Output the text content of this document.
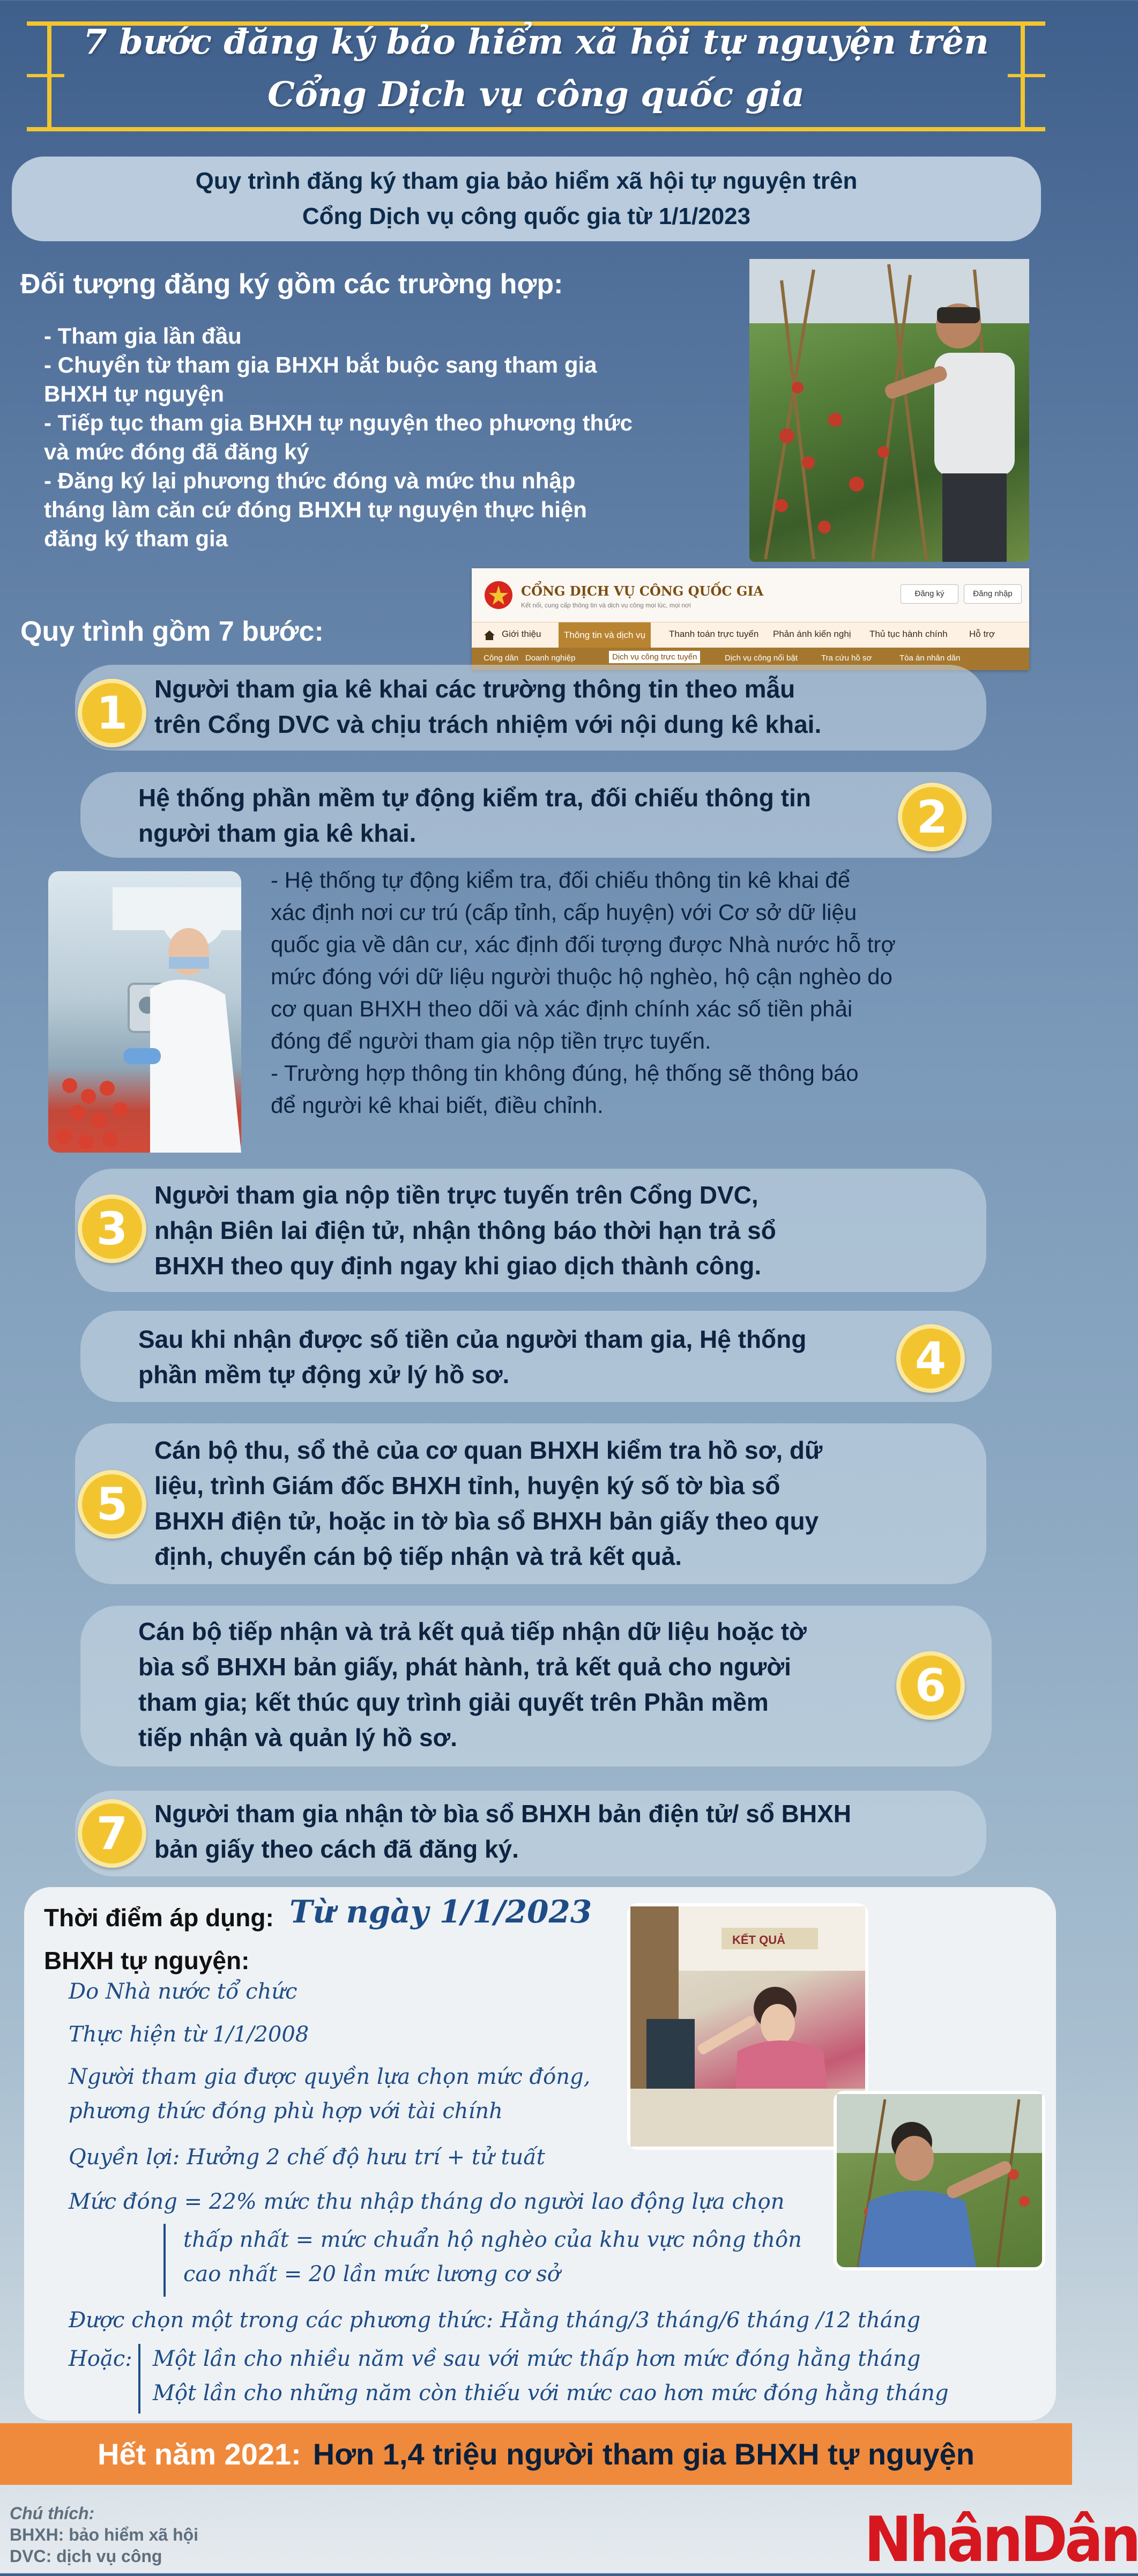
7 bước đăng ký bảo hiểm xã hội tự nguyện trên
Cổng Dịch vụ công quốc gia
Quy trình đăng ký tham gia bảo hiểm xã hội tự nguyện trên
Cổng Dịch vụ công quốc gia từ 1/1/2023
Đối tượng đăng ký gồm các trường hợp:
- Tham gia lần đầu
- Chuyển từ tham gia BHXH bắt buộc sang tham gia
BHXH tự nguyện
- Tiếp tục tham gia BHXH tự nguyện theo phương thức
và mức đóng đã đăng ký
- Đăng ký lại phương thức đóng và mức thu nhập
tháng làm căn cứ đóng BHXH tự nguyện thực hiện
đăng ký tham gia
CỔNG DỊCH VỤ CÔNG QUỐC GIA
Kết nối, cung cấp thông tin và dịch vụ công mọi lúc, mọi nơi
Đăng ký	Đăng nhập
Giới thiệu	Thông tin và dịch vụ	Thanh toán trực tuyến Phản ánh kiến nghị Thủ tục hành chính Hỗ trợ
Công dân Doanh nghiệp	Dịch vụ công trực tuyến	Dịch vụ công nổi bật	Tra cứu hồ sơ	Tòa án nhân dân
Quy trình gồm 7 bước:
1	Người tham gia kê khai các trường thông tin theo mẫu
trên Cổng DVC và chịu trách nhiệm với nội dung kê khai.
2
Hệ thống phần mềm tự động kiểm tra, đối chiếu thông tin
người tham gia kê khai.
- Hệ thống tự động kiểm tra, đối chiếu thông tin kê khai để
xác định nơi cư trú (cấp tỉnh, cấp huyện) với Cơ sở dữ liệu
quốc gia về dân cư, xác định đối tượng được Nhà nước hỗ trợ
mức đóng với dữ liệu người thuộc hộ nghèo, hộ cận nghèo do
cơ quan BHXH theo dõi và xác định chính xác số tiền phải
đóng để người tham gia nộp tiền trực tuyến.
- Trường hợp thông tin không đúng, hệ thống sẽ thông báo
để người kê khai biết, điều chỉnh.
3
Người tham gia nộp tiền trực tuyến trên Cổng DVC,
nhận Biên lai điện tử, nhận thông báo thời hạn trả sổ
BHXH theo quy định ngay khi giao dịch thành công.
4
Sau khi nhận được số tiền của người tham gia, Hệ thống
phần mềm tự động xử lý hồ sơ.
5
Cán bộ thu, sổ thẻ của cơ quan BHXH kiểm tra hồ sơ, dữ
liệu, trình Giám đốc BHXH tỉnh, huyện ký số tờ bìa sổ
BHXH điện tử, hoặc in tờ bìa sổ BHXH bản giấy theo quy
định, chuyển cán bộ tiếp nhận và trả kết quả.
6
Cán bộ tiếp nhận và trả kết quả tiếp nhận dữ liệu hoặc tờ
bìa sổ BHXH bản giấy, phát hành, trả kết quả cho người
tham gia; kết thúc quy trình giải quyết trên Phần mềm
tiếp nhận và quản lý hồ sơ.
7	Người tham gia nhận tờ bìa sổ BHXH bản điện tử/ sổ BHXH
bản giấy theo cách đã đăng ký.
Thời điểm áp dụng: Từ ngày 1/1/2023
BHXH tự nguyện:
Do Nhà nước tổ chức
Thực hiện từ 1/1/2008
Người tham gia được quyền lựa chọn mức đóng,
phương thức đóng phù hợp với tài chính
Quyền lợi: Hưởng 2 chế độ hưu trí + tử tuất
Mức đóng = 22% mức thu nhập tháng do người lao động lựa chọn
thấp nhất = mức chuẩn hộ nghèo của khu vực nông thôn
cao nhất = 20 lần mức lương cơ sở
Được chọn một trong các phương thức: Hằng tháng/3 tháng/6 tháng /12 tháng
Hoặc: Một lần cho nhiều năm về sau với mức thấp hơn mức đóng hằng tháng
Một lần cho những năm còn thiếu với mức cao hơn mức đóng hằng tháng
KẾT QUẢ
Hết năm 2021: Hơn 1,4 triệu người tham gia BHXH tự nguyện
Chú thích:
BHXH: bảo hiểm xã hội
DVC: dịch vụ công	NhânDân
